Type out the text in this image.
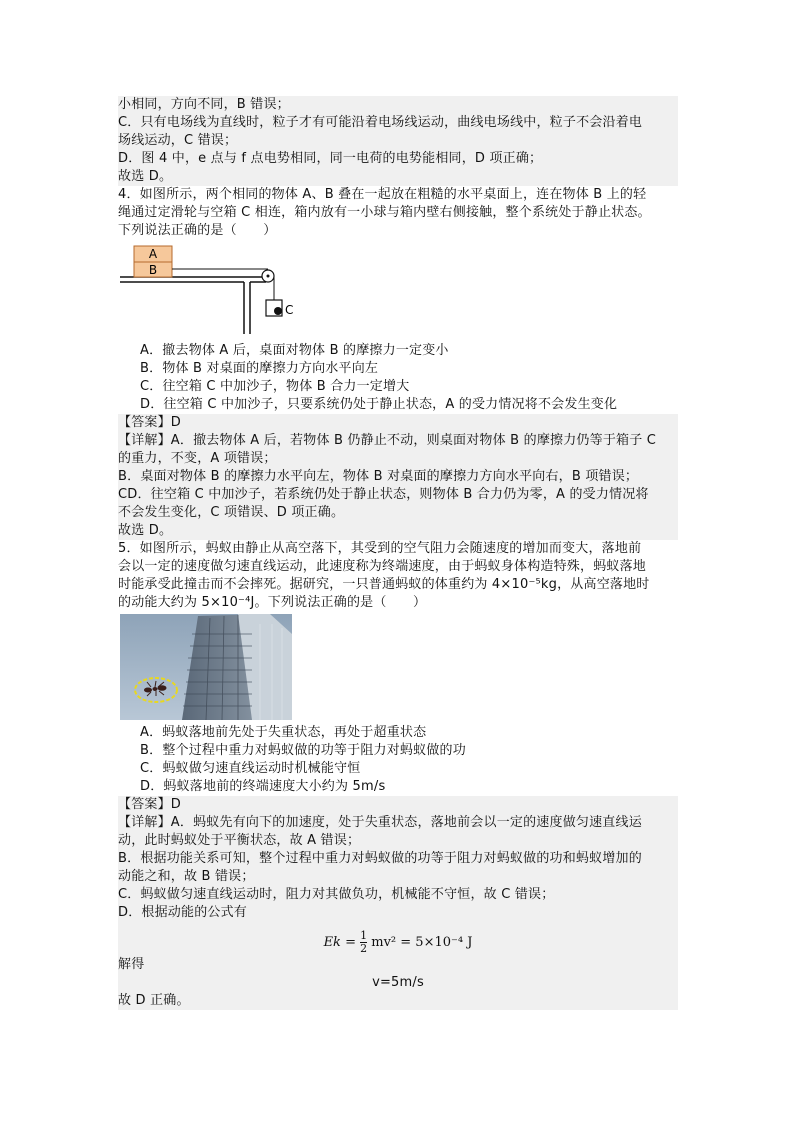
小相同，方向不同，B 错误；
C．只有电场线为直线时，粒子才有可能沿着电场线运动，曲线电场线中，粒子不会沿着电
场线运动，C 错误；
D．图 4 中，e 点与 f 点电势相同，同一电荷的电势能相同，D 项正确；
故选 D。
4．如图所示，两个相同的物体 A、B 叠在一起放在粗糙的水平桌面上，连在物体 B 上的轻
绳通过定滑轮与空箱 C 相连，箱内放有一小球与箱内壁右侧接触，整个系统处于静止状态。
下列说法正确的是（　　）
A
B
C
A．撤去物体 A 后，桌面对物体 B 的摩擦力一定变小
B．物体 B 对桌面的摩擦力方向水平向左
C．往空箱 C 中加沙子，物体 B 合力一定增大
D．往空箱 C 中加沙子，只要系统仍处于静止状态，A 的受力情况将不会发生变化
【答案】D
【详解】A．撤去物体 A 后，若物体 B 仍静止不动，则桌面对物体 B 的摩擦力仍等于箱子 C
的重力，不变，A 项错误；
B．桌面对物体 B 的摩擦力水平向左，物体 B 对桌面的摩擦力方向水平向右，B 项错误；
CD．往空箱 C 中加沙子，若系统仍处于静止状态，则物体 B 合力仍为零，A 的受力情况将
不会发生变化，C 项错误、D 项正确。
故选 D。
5．如图所示，蚂蚁由静止从高空落下，其受到的空气阻力会随速度的增加而变大，落地前
会以一定的速度做匀速直线运动，此速度称为终端速度，由于蚂蚁身体构造特殊，蚂蚁落地
时能承受此撞击而不会摔死。据研究，一只普通蚂蚁的体重约为 4×10⁻⁵kg，从高空落地时
的动能大约为 5×10⁻⁴J。下列说法正确的是（　　）
A．蚂蚁落地前先处于失重状态，再处于超重状态
B．整个过程中重力对蚂蚁做的功等于阻力对蚂蚁做的功
C．蚂蚁做匀速直线运动时机械能守恒
D．蚂蚁落地前的终端速度大小约为 5m/s
【答案】D
【详解】A．蚂蚁先有向下的加速度，处于失重状态，落地前会以一定的速度做匀速直线运
动，此时蚂蚁处于平衡状态，故 A 错误；
B．根据功能关系可知，整个过程中重力对蚂蚁做的功等于阻力对蚂蚁做的功和蚂蚁增加的
动能之和，故 B 错误；
C．蚂蚁做匀速直线运动时，阻力对其做负功，机械能不守恒，故 C 错误；
D．根据动能的公式有
$Ek = \frac{1}{2} mv^2 = 5\times 10^{-4}$ J
解得
v=5m/s
故 D 正确。
